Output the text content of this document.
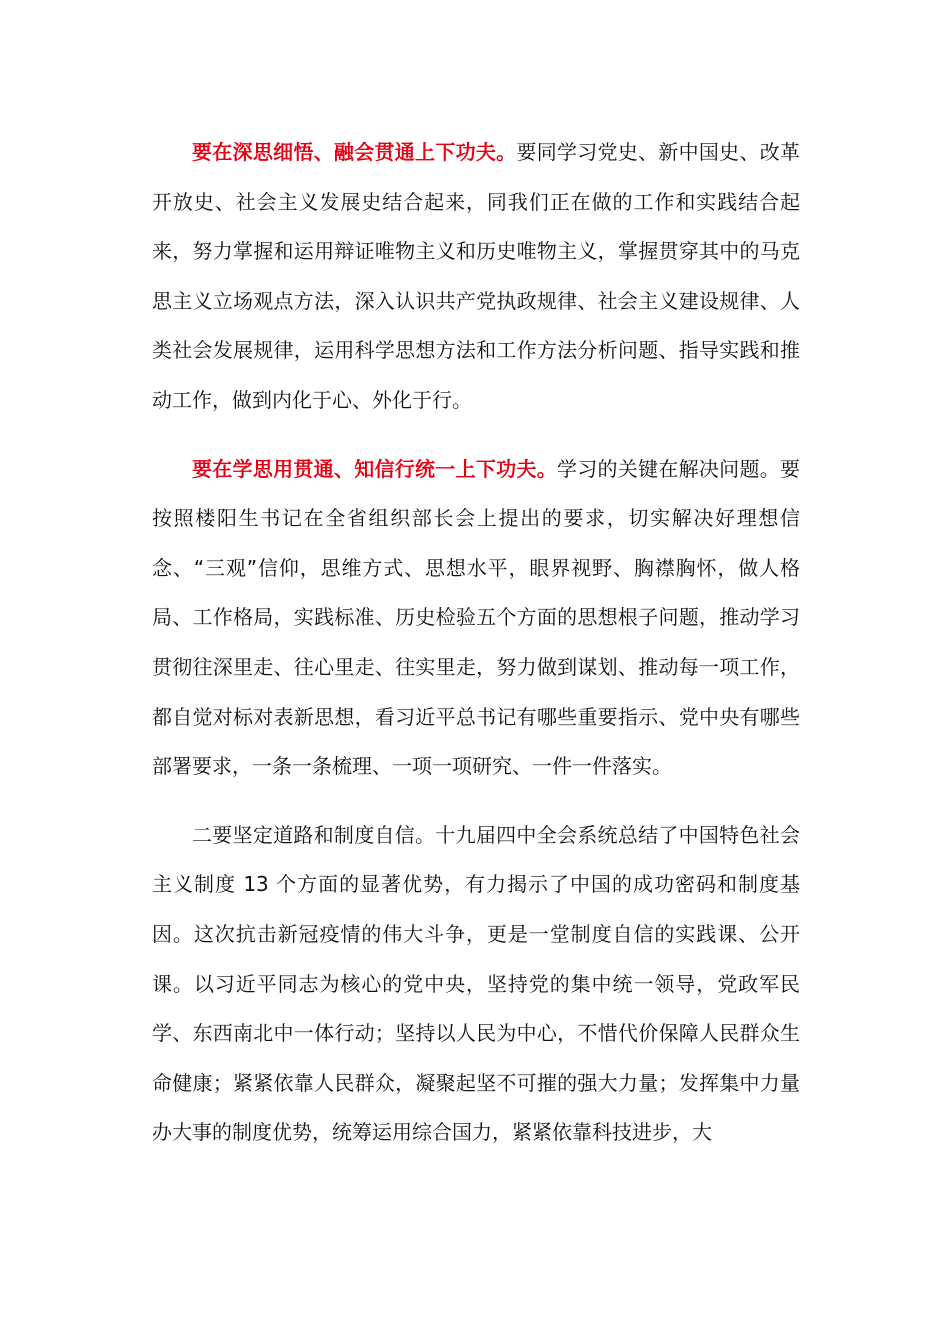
要在深思细悟、融会贯通上下功夫。要同学习党史、新中国史、改革开放史、社会主义发展史结合起来，同我们正在做的工作和实践结合起来，努力掌握和运用辩证唯物主义和历史唯物主义，掌握贯穿其中的马克思主义立场观点方法，深入认识共产党执政规律、社会主义建设规律、人类社会发展规律，运用科学思想方法和工作方法分析问题、指导实践和推动工作，做到内化于心、外化于行。

要在学思用贯通、知信行统一上下功夫。学习的关键在解决问题。要按照楼阳生书记在全省组织部长会上提出的要求，切实解决好理想信念、“三观”信仰，思维方式、思想水平，眼界视野、胸襟胸怀，做人格局、工作格局，实践标准、历史检验五个方面的思想根子问题，推动学习贯彻往深里走、往心里走、往实里走，努力做到谋划、推动每一项工作，都自觉对标对表新思想，看习近平总书记有哪些重要指示、党中央有哪些部署要求，一条一条梳理、一项一项研究、一件一件落实。

二要坚定道路和制度自信。十九届四中全会系统总结了中国特色社会主义制度 13 个方面的显著优势，有力揭示了中国的成功密码和制度基因。这次抗击新冠疫情的伟大斗争，更是一堂制度自信的实践课、公开课。以习近平同志为核心的党中央，坚持党的集中统一领导，党政军民学、东西南北中一体行动；坚持以人民为中心，不惜代价保障人民群众生命健康；紧紧依靠人民群众，凝聚起坚不可摧的强大力量；发挥集中力量办大事的制度优势，统筹运用综合国力，紧紧依靠科技进步，大
